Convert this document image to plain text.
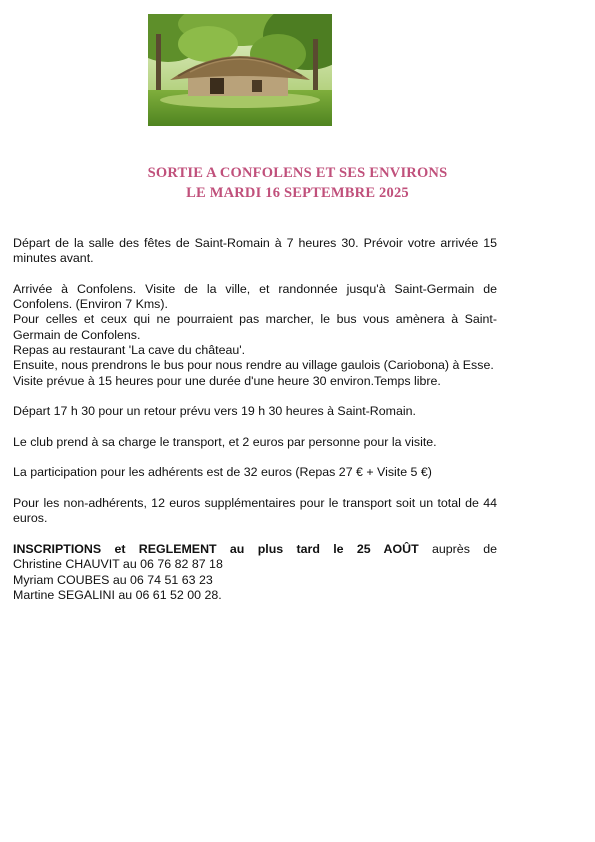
SORTIE A CONFOLENS ET SES ENVIRONS
LE MARDI 16 SEPTEMBRE 2025

Départ de la salle des fêtes de Saint-Romain à 7 heures 30. Prévoir votre arrivée 15 minutes avant.

Arrivée à Confolens. Visite de la ville, et randonnée jusqu'à Saint-Germain de Confolens. (Environ 7 Kms).
Pour celles et ceux qui ne pourraient pas marcher, le bus vous amènera à Saint-Germain de Confolens.
Repas au restaurant 'La cave du château'.
Ensuite, nous prendrons le bus pour nous rendre au village gaulois (Cariobona) à Esse.
Visite prévue à 15 heures pour une durée d'une heure 30 environ.Temps libre.

Départ 17 h 30 pour un retour prévu vers 19 h 30 heures à Saint-Romain.

Le club prend à sa charge le transport, et 2 euros par personne pour la visite.

La participation pour les adhérents est de 32 euros (Repas 27 € + Visite 5 €)

Pour les non-adhérents, 12 euros supplémentaires pour le transport soit un total de 44 euros.

INSCRIPTIONS et REGLEMENT au plus tard le 25 AOÛT auprès de
Christine CHAUVIT au 06 76 82 87 18
Myriam COUBES au 06 74 51 63 23
Martine SEGALINI au 06 61 52 00 28.
